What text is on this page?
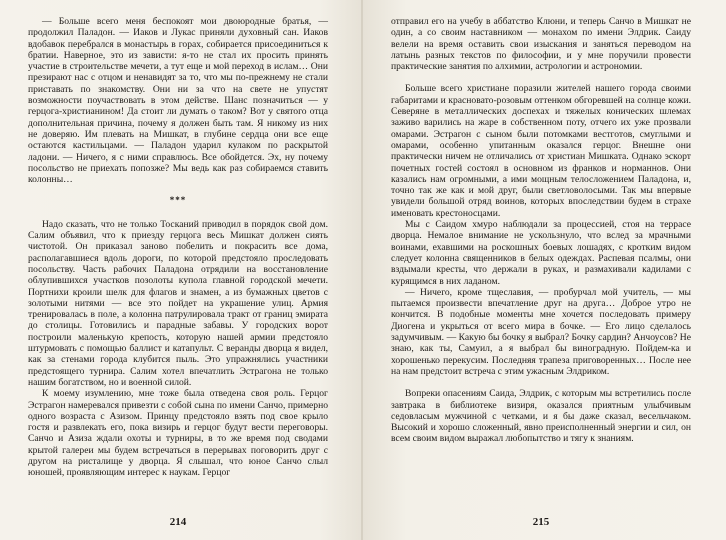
— Больше всего меня беспокоят мои двоюродные братья, — продолжил Паладон. — Иаков и Лукас приняли духовный сан. Иаков вдобавок перебрался в монастырь в горах, собирается присоединиться к братии. Наверное, это из зависти: я-то не стал их просить принять участие в строительстве мечети, а тут еще и мой переход в ислам… Они презирают нас с отцом и ненавидят за то, что мы по-прежнему не стали приставать по знакомству. Они ни за что на свете не упустят возможности поучаствовать в этом действе. Шанс позначиться — у герцога-христианином! Да стоит ли думать о таком? Вот у святого отца дополнительная причина, почему я должен быть там. Я никому из них не доверяю. Им плевать на Мишкат, в глубине сердца они все еще остаются кастильцами. — Паладон ударил кулаком по раскрытой ладони. — Ничего, я с ними справлюсь. Все обойдется. Эх, ну почему посольство не приехать попозже? Мы ведь как раз собираемся ставить колонны…

***

Надо сказать, что не только Тосканий приводил в порядок свой дом. Салим объявил, что к приезду герцога весь Мишкат должен сиять чистотой. Он приказал заново побелить и покрасить все дома, располагавшиеся вдоль дороги, по которой предстояло проследовать посольству. Часть рабочих Паладона отрядили на восстановление облупившихся участков позолоты купола главной городской мечети. Портнихи кроили шелк для флагов и знамен, а из бумажных цветов с золотыми нитями — все это пойдет на украшение улиц. Армия тренировалась в поле, а колонна патрулировала тракт от границ эмирата до столицы. Готовились и парадные забавы. У городских ворот построили маленькую крепость, которую нашей армии предстояло штурмовать с помощью баллист и катапульт. С веранды дворца я видел, как за стенами города клубится пыль. Это упражнялись участники предстоящего турнира. Салим хотел впечатлить Эстрагона не только нашим богатством, но и военной силой.

К моему изумлению, мне тоже была отведена своя роль. Герцог Эстрагон намеревался привезти с собой сына по имени Санчо, примерно одного возраста с Азизом. Принцу предстояло взять под свое крыло гостя и развлекать его, пока визирь и герцог будут вести переговоры. Санчо и Азиза ждали охоты и турниры, в то же время под сводами крытой галереи мы будем встречаться в перерывах поговорить друг с другом на ристалище у дворца. Я слышал, что юное Санчо слыл юношей, проявляющим интерес к наукам. Герцог

214

отправил его на учебу в аббатство Клюни, и теперь Санчо в Мишкат не один, а со своим наставником — монахом по имени Элдрик. Саиду велели на время оставить свои изыскания и заняться переводом на латынь разных текстов по философии, и у мне поручили провести практические занятия по алхимии, астрологии и астрономии.

Больше всего христиане поразили жителей нашего города своими габаритами и красновато-розовым оттенком обгоревшей на солнце кожи. Северяне в металлических доспехах и тяжелых конических шлемах заживо варились на жаре в собственном поту, отчего их уже прозвали омарами. Эстрагон с сыном были потомками вестготов, смуглыми и омарами, особенно упитанным оказался герцог. Внешне они практически ничем не отличались от христиан Мишката. Однако эскорт почетных гостей состоял в основном из франков и норманнов. Они казались нам огромными, а ими мощным телосложением Паладона, и, точно так же как и мой друг, были светловолосыми. Так мы впервые увидели большой отряд воинов, которых впоследствии будем в страхе именовать крестоносцами.

Мы с Саидом хмуро наблюдали за процессией, стоя на террасе дворца. Немалое внимание не ускользнуло, что вслед за мрачными воинами, ехавшими на роскошных боевых лошадях, с кротким видом следует колонна священников в белых одеждах. Распевая псалмы, они вздымали кресты, что держали в руках, и размахивали кадилами с курящимся в них ладаном.

— Ничего, кроме тщеславия, — пробурчал мой учитель, — мы пытаемся произвести впечатление друг на друга… Доброе утро не кончится. В подобные моменты мне хочется последовать примеру Диогена и укрыться от всего мира в бочке. — Его лицо сделалось задумчивым. — Какую бы бочку я выбрал? Бочку сардин? Анчоусов? Не знаю, как ты, Самуил, а я выбрал бы виноградную. Пойдем-ка и хорошенько перекусим. Последняя трапеза приговоренных… После нее на нам предстоит встреча с этим ужасным Элдриком.

Вопреки опасениям Саида, Элдрик, с которым мы встретились после завтрака в библиотеке визиря, оказался приятным улыбчивым седовласым мужчиной с четками, и я бы даже сказал, весельчаком. Высокий и хорошо сложенный, явно преисполненный энергии и сил, он всем своим видом выражал любопытство и тягу к знаниям.

215
